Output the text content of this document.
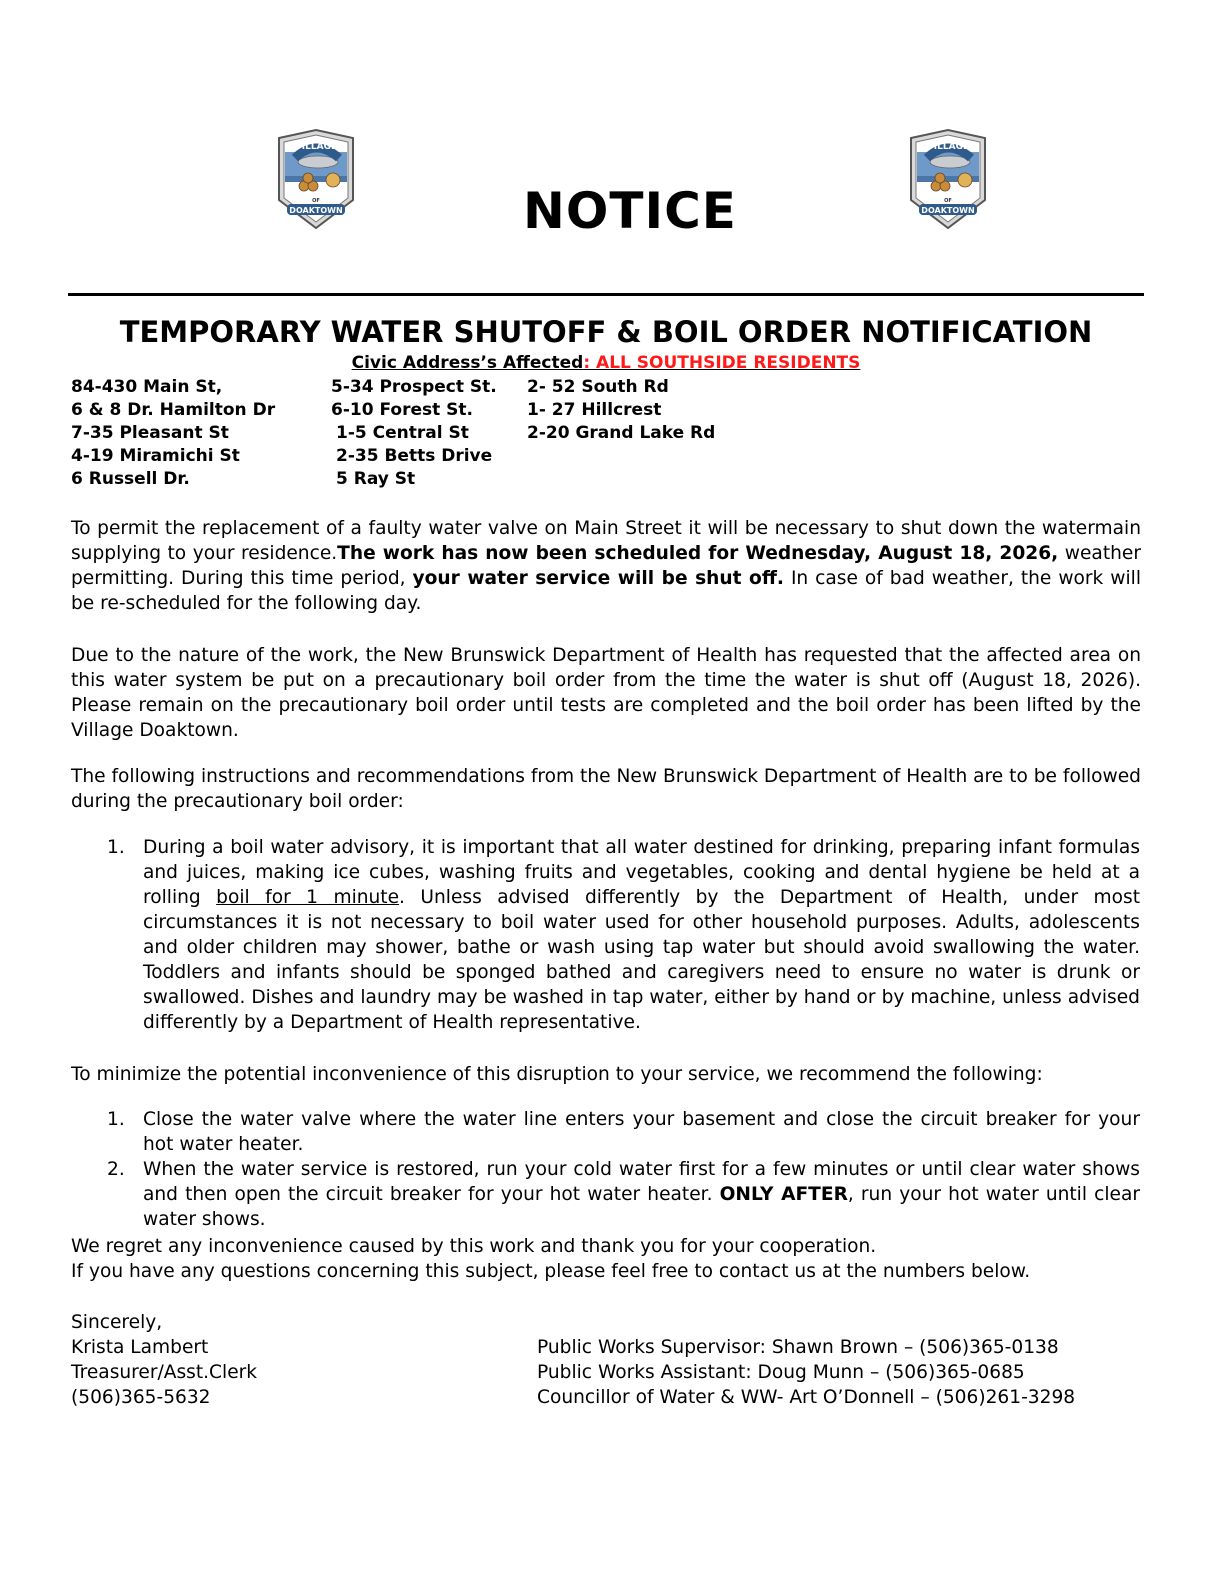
VILLAGE
OF
DOAKTOWN
VILLAGE
OF
DOAKTOWN
NOTICE
TEMPORARY WATER SHUTOFF & BOIL ORDER NOTIFICATION
Civic Address’s Affected: ALL SOUTHSIDE RESIDENTS
84-430 Main St,
6 & 8 Dr. Hamilton Dr
7-35 Pleasant St
4-19 Miramichi St
6 Russell Dr.
5-34 Prospect St.
6-10 Forest St.
1-5 Central St
2-35 Betts Drive
5 Ray St
2- 52 South Rd
1- 27 Hillcrest
2-20 Grand Lake Rd
To permit the replacement of a faulty water valve on Main Street it will be necessary to shut down the watermain supplying to your residence.The work has now been scheduled for Wednesday, August 18, 2026, weather permitting. During this time period, your water service will be shut off. In case of bad weather, the work will be re-scheduled for the following day.
Due to the nature of the work, the New Brunswick Department of Health has requested that the affected area on this water system be put on a precautionary boil order from the time the water is shut off (August 18, 2026). Please remain on the precautionary boil order until tests are completed and the boil order has been lifted by the Village Doaktown.
The following instructions and recommendations from the New Brunswick Department of Health are to be followed during the precautionary boil order:
1. During a boil water advisory, it is important that all water destined for drinking, preparing infant formulas and juices, making ice cubes, washing fruits and vegetables, cooking and dental hygiene be held at a rolling boil for 1 minute. Unless advised differently by the Department of Health, under most circumstances it is not necessary to boil water used for other household purposes. Adults, adolescents and older children may shower, bathe or wash using tap water but should avoid swallowing the water. Toddlers and infants should be sponged bathed and caregivers need to ensure no water is drunk or swallowed. Dishes and laundry may be washed in tap water, either by hand or by machine, unless advised differently by a Department of Health representative.
To minimize the potential inconvenience of this disruption to your service, we recommend the following:
1. Close the water valve where the water line enters your basement and close the circuit breaker for your hot water heater.
2. When the water service is restored, run your cold water first for a few minutes or until clear water shows and then open the circuit breaker for your hot water heater. ONLY AFTER, run your hot water until clear water shows.
We regret any inconvenience caused by this work and thank you for your cooperation.
If you have any questions concerning this subject, please feel free to contact us at the numbers below.
Sincerely,
Krista Lambert
Treasurer/Asst.Clerk
(506)365-5632
Public Works Supervisor: Shawn Brown – (506)365-0138
Public Works Assistant: Doug Munn – (506)365-0685
Councillor of Water & WW- Art O’Donnell – (506)261-3298
